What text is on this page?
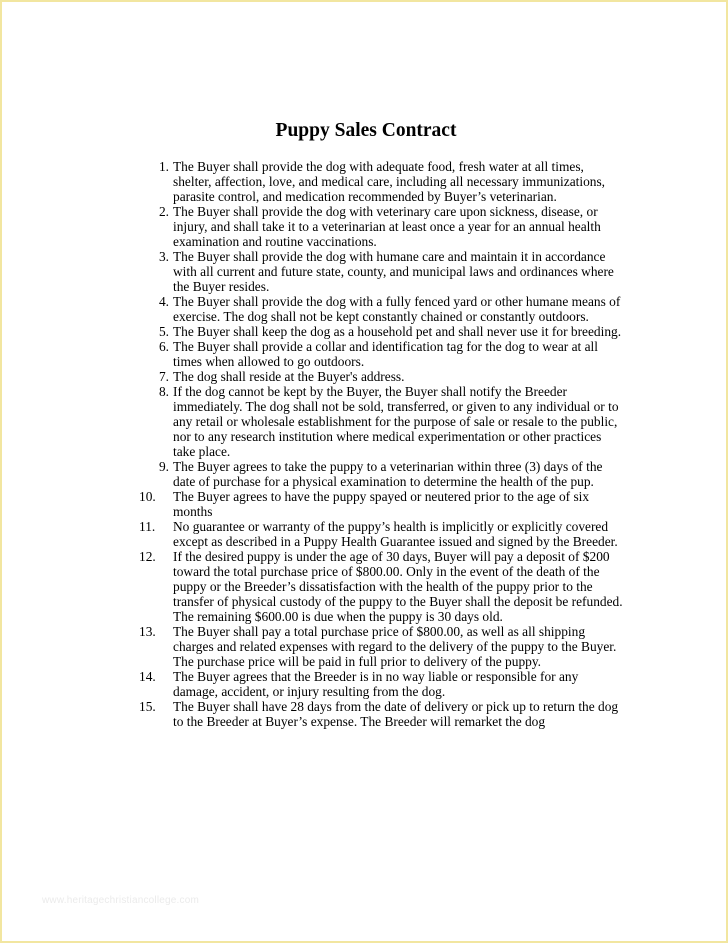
Puppy Sales Contract
1. The Buyer shall provide the dog with adequate food, fresh water at all times, shelter, affection, love, and medical care, including all necessary immunizations, parasite control, and medication recommended by Buyer’s veterinarian.
2. The Buyer shall provide the dog with veterinary care upon sickness, disease, or injury, and shall take it to a veterinarian at least once a year for an annual health examination and routine vaccinations.
3. The Buyer shall provide the dog with humane care and maintain it in accordance with all current and future state, county, and municipal laws and ordinances where the Buyer resides.
4. The Buyer shall provide the dog with a fully fenced yard or other humane means of exercise. The dog shall not be kept constantly chained or constantly outdoors.
5. The Buyer shall keep the dog as a household pet and shall never use it for breeding.
6. The Buyer shall provide a collar and identification tag for the dog to wear at all times when allowed to go outdoors.
7. The dog shall reside at the Buyer's address.
8. If the dog cannot be kept by the Buyer, the Buyer shall notify the Breeder immediately. The dog shall not be sold, transferred, or given to any individual or to any retail or wholesale establishment for the purpose of sale or resale to the public, nor to any research institution where medical experimentation or other practices take place.
9. The Buyer agrees to take the puppy to a veterinarian within three (3) days of the date of purchase for a physical examination to determine the health of the pup.
10.	The Buyer agrees to have the puppy spayed or neutered prior to the age of six months
11.	No guarantee or warranty of the puppy’s health is implicitly or explicitly covered except as described in a Puppy Health Guarantee issued and signed by the Breeder.
12.	If the desired puppy is under the age of 30 days, Buyer will pay a deposit of $200 toward the total purchase price of $800.00. Only in the event of the death of the puppy or the Breeder’s dissatisfaction with the health of the puppy prior to the transfer of physical custody of the puppy to the Buyer shall the deposit be refunded. The remaining $600.00 is due when the puppy is 30 days old.
13.	The Buyer shall pay a total purchase price of $800.00, as well as all shipping charges and related expenses with regard to the delivery of the puppy to the Buyer. The purchase price will be paid in full prior to delivery of the puppy.
14.	The Buyer agrees that the Breeder is in no way liable or responsible for any damage, accident, or injury resulting from the dog.
15.	The Buyer shall have 28 days from the date of delivery or pick up to return the dog to the Breeder at Buyer’s expense. The Breeder will remarket the dog
www.heritagechristiancollege.com
